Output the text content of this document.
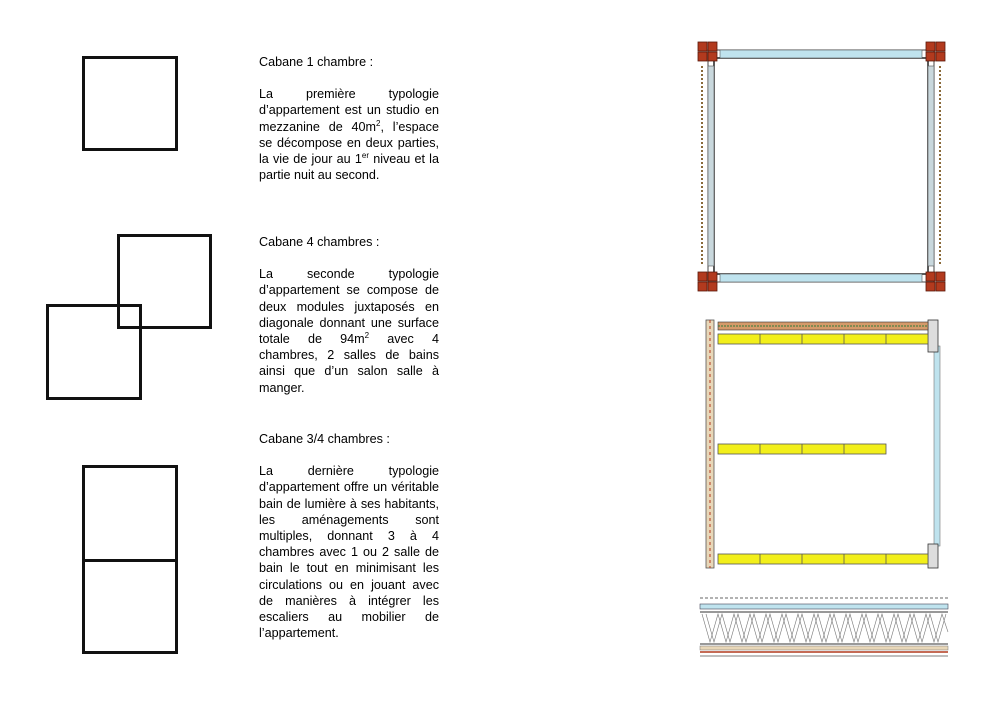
Cabane 1 chambre :

La première typologie d’appartement est un studio en mezzanine de $40m^2$, l’espace se décompose en deux parties, la vie de jour au 1er niveau et la partie nuit au second.

Cabane 4 chambres :

La seconde typologie d’appartement se compose de deux modules juxtaposés en diagonale donnant une surface totale de $94m^2$ avec 4 chambres, 2 salles de bains ainsi que d’un salon salle à manger.

Cabane 3/4 chambres :

La dernière typologie d’appartement offre un véritable bain de lumière à ses habitants, les aménagements sont multiples, donnant 3 à 4 chambres avec 1 ou 2 salle de bain le tout en minimisant les circulations ou en jouant avec de manières à intégrer les escaliers au mobilier de l’appartement.
